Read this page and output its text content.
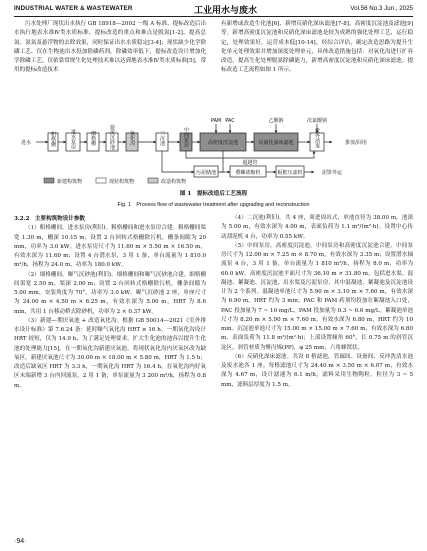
INDUSTRIAL WATER & WASTEWATER	工业用水与废水	Vol.56 No.3 Jun., 2025

污水处理厂现状出水执行 GB 18918—2002 一级 A 标准，提标改造后出水执行地表水准Ⅳ类水质标准，提标改造的重点和难点是脱氮[1-2]、提高总氮、氨氮及悬浮物的去除效果，同时保证出水水质稳定[3-4]；现状缺少化学除磷工艺，仅在生物池出水投加除磷药剂，除磷效率低下，提标改造设计增加化学除磷工艺。仅依靠常规生化处理技术难以达到地表水准Ⅳ类水质标准[5]，常用的提标改造技术

有新增或改造生化池[6]、新增反硝化深床滤池[7-8]、高密度沉淀池及滤池[9]等。新增高密度沉淀池和反硝化深床滤池是较为成熟的强化处理工艺，运行稳定，处理效果好，运营成本低[10-14]。经综合评估，确定改造思路为提升生化单元处理效果并增加深度处理单元，具体改造措施包括：对氧化沟进行扩容改造，提高生化处理脱氮除磷能力，新增高密度沉淀池和反硝化深床滤池。提标改造工艺流程如图 1 所示。

粗格栅	进水泵房	细格栅	旋流沉砂池	氧化沟	二沉池	中间泵房	高密度沉淀池	反硝化深床滤池	紫外消毒	排放/回用
进水
PAM PAC	乙酸钠	次氯酸钠
超越管
污泥储池	叠螺浓缩机	板框压滤机	泥饼外运
新建构筑物	现状构筑物	改造构筑物
图 1　提标改造后工艺流程
Fig. 1　Process flow of wastewater treatment after upgrading and reconstruction

3.2.2　主要构筑物设计参数

（1）粗格栅间、进水泵房(利旧)。粗格栅间和进水泵房合建。粗格栅间渠宽 1.30 m，栅深 10.15 m；设置 2 台回转式格栅除污机，栅条间隙为 20 mm，功率为 3.0 kW。进水泵房尺寸为 11.60 m × 5.50 m × 16.50 m，有效水深为 11.60 m；设置 4 台潜水泵，3 用 1 备，单台流量为 1 810.0 m³/h，扬程为 24.0 m，功率为 180.0 kW。

（2）细格栅间、曝气沉砂池(利旧)。细格栅间和曝气沉砂池合建。细格栅间渠宽 2.50 m，渠深 2.00 m；设置 2 台回转式格栅除污机，栅条间隙为 5.00 mm，安装角度为 70°，功率为 3.0 kW。曝气沉砂池 2 座，单座尺寸为 24.00 m × 4.50 m × 6.25 m，有效水深为 5.00 m，HRT 为 8.6 min，共用 1 台移动桥式除砂机，功率为 2 × 0.37 kW。

（3）新建—期厌氧池 + 改造氧化沟。根据 GB 50014—2021《室外排水设计标准》第 7.6.24 条：延时曝气氧化沟 HRT ≥ 16 h。一期氧化沟设计 HRT 较短，仅为 14.9 h，为了满足处理要求，扩大生化池的池容以提升生化池的处理能力[15]。在一期氧化沟新建厌氧池，将现状氧化沟内厌氧区改为缺氧区。新建厌氧池尺寸为 30.00 m × 18.00 m × 5.80 m，HRT 为 1.5 h；改造后缺氧区 HRT 为 3.3 h，一期氧化沟 HRT 为 16.4 h。在氧化沟内好氧区末端新增 3 台内回流泵，2 用 1 备，单泵流量为 3 200 m³/h，扬程为 0.8 m。

（4）二沉池(利旧)。共 4 座，周进周出式，单池直径为 38.00 m，池深为 5.00 m，有效水深为 4.00 m，表面负荷为 1.1 m³/(m²·h)。设置中心传动刮泥机 4 台，功率为 0.55 kW。

（5）中间泵房、高密度沉淀池。中间泵房和高密度沉淀池合建。中间泵房尺寸为 12.00 m × 7.25 m × 8.70 m，有效水深为 3.35 m；设置潜水轴流泵 4 台，3 用 1 备，单台流量为 1 810 m³/h，扬程为 8.0 m，功率为 60.0 kW。高密度沉淀池平面尺寸为 36.10 m × 31.80 m，包括进水渠、混凝池、絮凝池、沉淀池、出水渠及污泥泵房，其中混凝池、絮凝池及沉淀池设计为 2 个系列。混凝池单池尺寸为 5.90 m × 3.10 m × 7.60 m，有效水深为 6.90 m，HRT 约为 3 min；PAC 和 PAM 药剂均投加在絮凝池入口处，PAC 投加量为 7 ~ 10 mg/L，PAM 投加量为 0.3 ~ 0.6 mg/L。絮凝池单池尺寸为 8.20 m × 5.90 m × 7.60 m，有效水深为 6.80 m，HRT 约为 10 min。沉淀池单池尺寸为 15.00 m × 15.00 m × 7.60 m，有效水深为 6.80 m，表面负荷为 11.8 m³/(m²·h)；上部设置倾角 60°、长 0.75 m 的斜管沉淀区，斜管材质为聚丙烯(PP)，φ 25 mm，六角蜂窝状。

（6）反硝化深床滤池。共设 8 格滤池，管廊间、设备间、反冲洗清水池及废水池各 1 座。每格滤池尺寸为 24.40 m × 3.50 m × 6.07 m，有效水深为 4.67 m，设计滤速为 6.1 m/h，滤料采用生物陶粒，粒径为 3 ~ 5 mm，滤料层厚度为 1.5 m。

·94·
